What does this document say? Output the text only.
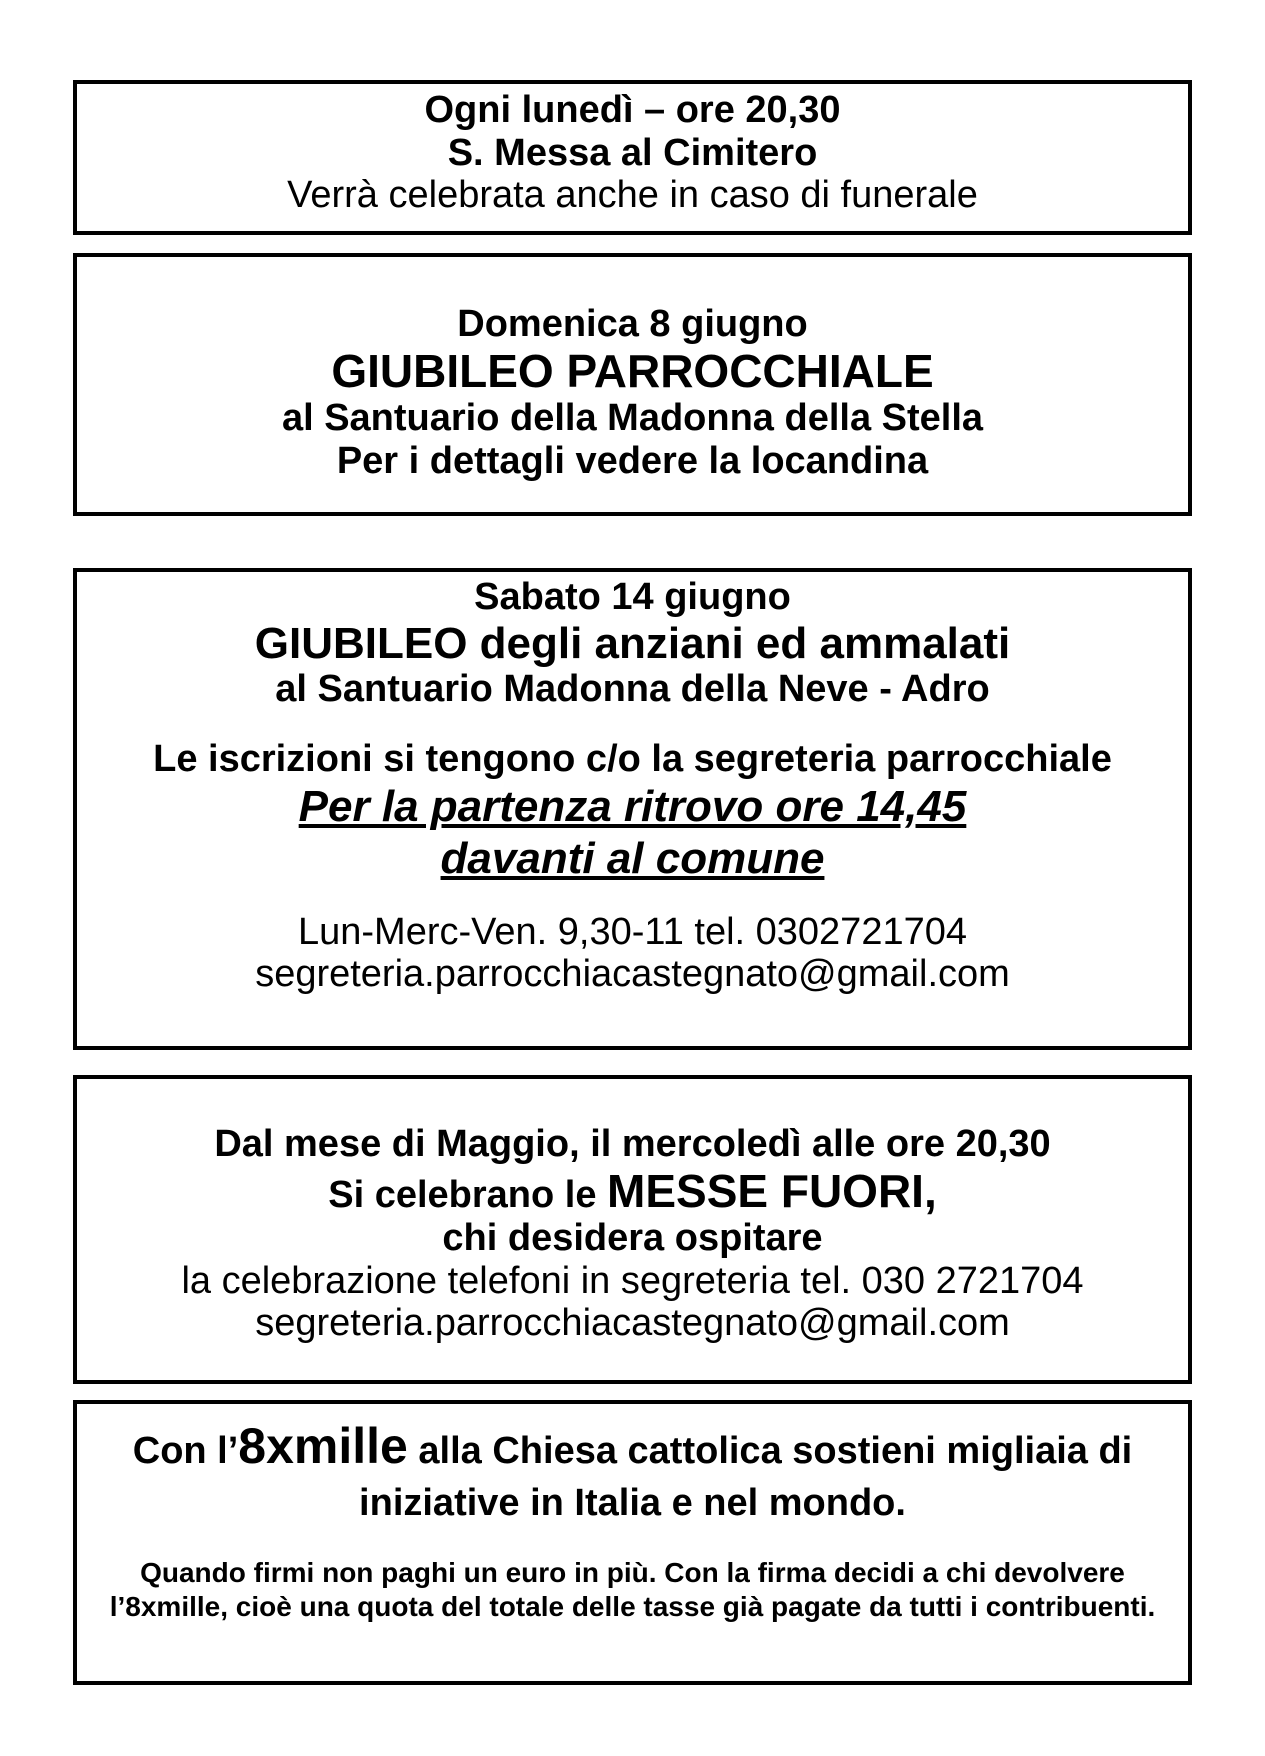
Ogni lunedì – ore 20,30
S. Messa al Cimitero
Verrà celebrata anche in caso di funerale
Domenica 8 giugno
GIUBILEO PARROCCHIALE
al Santuario della Madonna della Stella
Per i dettagli vedere la locandina
Sabato 14 giugno
GIUBILEO degli anziani ed ammalati
al Santuario Madonna della Neve - Adro
Le iscrizioni si tengono c/o la segreteria parrocchiale
Per la partenza ritrovo ore 14,45 davanti al comune
Lun-Merc-Ven. 9,30-11 tel. 0302721704
segreteria.parrocchiacastegnato@gmail.com
Dal mese di Maggio, il mercoledì alle ore 20,30
Si celebrano le MESSE FUORI,
chi desidera ospitare
la celebrazione telefoni in segreteria tel. 030 2721704
segreteria.parrocchiacastegnato@gmail.com
Con l’8xmille alla Chiesa cattolica sostieni migliaia di iniziative in Italia e nel mondo.
Quando firmi non paghi un euro in più. Con la firma decidi a chi devolvere l’8xmille, cioè una quota del totale delle tasse già pagate da tutti i contribuenti.
